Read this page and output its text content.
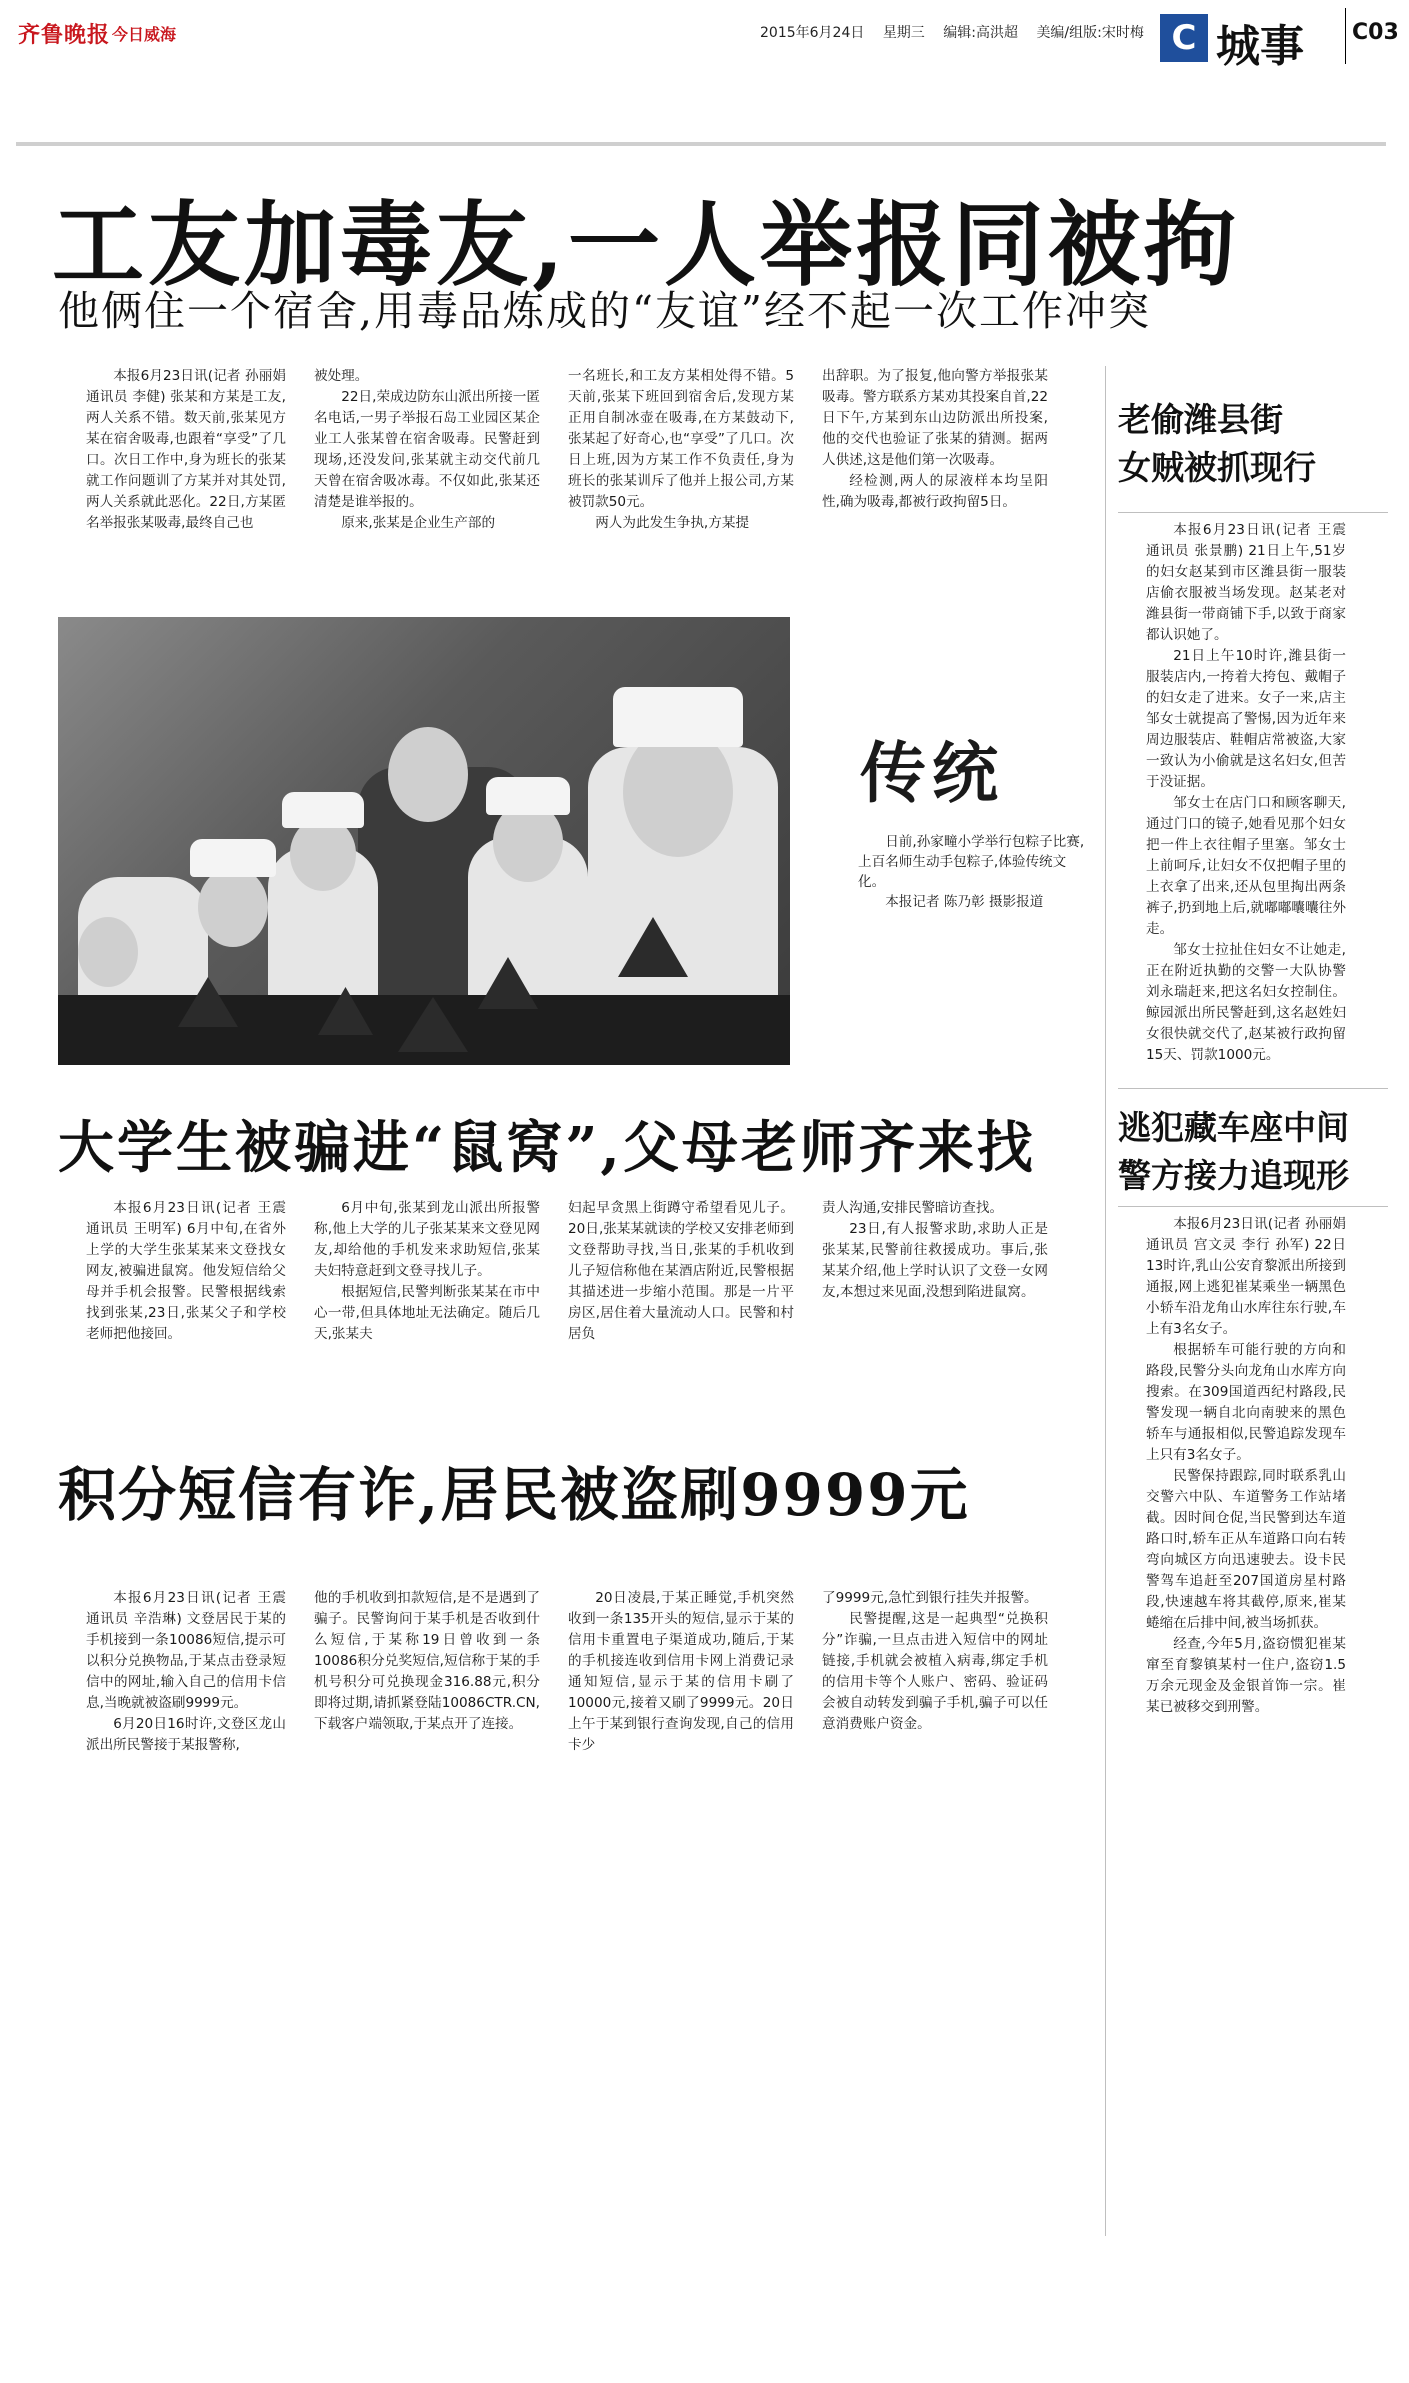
齐鲁晚报 今日威海	2015年6月24日 星期三 编辑:高洪超 美编/组版:宋时梅 C 城事 C03
工友加毒友,一人举报同被拘
他俩住一个宿舍,用毒品炼成的“友谊”经不起一次工作冲突

本报6月23日讯(记者 孙丽娟 通讯员 李健) 张某和方某是工友,两人关系不错。数天前,张某见方某在宿舍吸毒,也跟着“享受”了几口。次日工作中,身为班长的张某就工作问题训了方某并对其处罚,两人关系就此恶化。22日,方某匿名举报张某吸毒,最终自己也

被处理。

22日,荣成边防东山派出所接一匿名电话,一男子举报石岛工业园区某企业工人张某曾在宿舍吸毒。民警赶到现场,还没发问,张某就主动交代前几天曾在宿舍吸冰毒。不仅如此,张某还清楚是谁举报的。

原来,张某是企业生产部的

一名班长,和工友方某相处得不错。5天前,张某下班回到宿舍后,发现方某正用自制冰壶在吸毒,在方某鼓动下,张某起了好奇心,也“享受”了几口。次日上班,因为方某工作不负责任,身为班长的张某训斥了他并上报公司,方某被罚款50元。

两人为此发生争执,方某提

出辞职。为了报复,他向警方举报张某吸毒。警方联系方某劝其投案自首,22日下午,方某到东山边防派出所投案,他的交代也验证了张某的猜测。据两人供述,这是他们第一次吸毒。

经检测,两人的尿液样本均呈阳性,确为吸毒,都被行政拘留5日。

传统

日前,孙家疃小学举行包粽子比赛,上百名师生动手包粽子,体验传统文化。

本报记者 陈乃彰 摄影报道

大学生被骗进“鼠窝”,父母老师齐来找

本报6月23日讯(记者 王震 通讯员 王明军) 6月中旬,在省外上学的大学生张某某来文登找女网友,被骗进鼠窝。他发短信给父母并手机会报警。民警根据线索找到张某,23日,张某父子和学校老师把他接回。

6月中旬,张某到龙山派出所报警称,他上大学的儿子张某某来文登见网友,却给他的手机发来求助短信,张某夫妇特意赶到文登寻找儿子。

根据短信,民警判断张某某在市中心一带,但具体地址无法确定。随后几天,张某夫

妇起早贪黑上街蹲守希望看见儿子。20日,张某某就读的学校又安排老师到文登帮助寻找,当日,张某的手机收到儿子短信称他在某酒店附近,民警根据其描述进一步缩小范围。那是一片平房区,居住着大量流动人口。民警和村居负

责人沟通,安排民警暗访查找。

23日,有人报警求助,求助人正是张某某,民警前往救援成功。事后,张某某介绍,他上学时认识了文登一女网友,本想过来见面,没想到陷进鼠窝。

积分短信有诈,居民被盗刷9999元

本报6月23日讯(记者 王震 通讯员 辛浩琳) 文登居民于某的手机接到一条10086短信,提示可以积分兑换物品,于某点击登录短信中的网址,输入自己的信用卡信息,当晚就被盗刷9999元。

6月20日16时许,文登区龙山派出所民警接于某报警称,

他的手机收到扣款短信,是不是遇到了骗子。民警询问于某手机是否收到什么短信,于某称19日曾收到一条10086积分兑奖短信,短信称于某的手机号积分可兑换现金316.88元,积分即将过期,请抓紧登陆10086CTR.CN,下载客户端领取,于某点开了连接。

20日凌晨,于某正睡觉,手机突然收到一条135开头的短信,显示于某的信用卡重置电子渠道成功,随后,于某的手机接连收到信用卡网上消费记录通知短信,显示于某的信用卡刷了10000元,接着又刷了9999元。20日上午于某到银行查询发现,自己的信用卡少

了9999元,急忙到银行挂失并报警。

民警提醒,这是一起典型“兑换积分”诈骗,一旦点击进入短信中的网址链接,手机就会被植入病毒,绑定手机的信用卡等个人账户、密码、验证码会被自动转发到骗子手机,骗子可以任意消费账户资金。

老偷潍县街
女贼被抓现行

本报6月23日讯(记者 王震 通讯员 张景鹏) 21日上午,51岁的妇女赵某到市区潍县街一服装店偷衣服被当场发现。赵某老对潍县街一带商铺下手,以致于商家都认识她了。

21日上午10时许,潍县街一服装店内,一挎着大挎包、戴帽子的妇女走了进来。女子一来,店主邹女士就提高了警惕,因为近年来周边服装店、鞋帽店常被盗,大家一致认为小偷就是这名妇女,但苦于没证据。

邹女士在店门口和顾客聊天,通过门口的镜子,她看见那个妇女把一件上衣往帽子里塞。邹女士上前呵斥,让妇女不仅把帽子里的上衣拿了出来,还从包里掏出两条裤子,扔到地上后,就嘟嘟囔囔往外走。

邹女士拉扯住妇女不让她走,正在附近执勤的交警一大队协警刘永瑞赶来,把这名妇女控制住。鲸园派出所民警赶到,这名赵姓妇女很快就交代了,赵某被行政拘留15天、罚款1000元。

逃犯藏车座中间
警方接力追现形

本报6月23日讯(记者 孙丽娟 通讯员 宫文灵 李行 孙军) 22日13时许,乳山公安育黎派出所接到通报,网上逃犯崔某乘坐一辆黑色小轿车沿龙角山水库往东行驶,车上有3名女子。

根据轿车可能行驶的方向和路段,民警分头向龙角山水库方向搜索。在309国道西纪村路段,民警发现一辆自北向南驶来的黑色轿车与通报相似,民警追踪发现车上只有3名女子。

民警保持跟踪,同时联系乳山交警六中队、车道警务工作站堵截。因时间仓促,当民警到达车道路口时,轿车正从车道路口向右转弯向城区方向迅速驶去。设卡民警驾车追赶至207国道房星村路段,快速越车将其截停,原来,崔某蜷缩在后排中间,被当场抓获。

经查,今年5月,盗窃惯犯崔某窜至育黎镇某村一住户,盗窃1.5万余元现金及金银首饰一宗。崔某已被移交到刑警。
